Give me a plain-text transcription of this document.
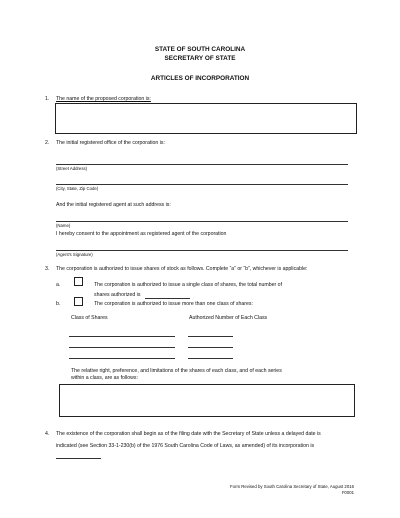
STATE OF SOUTH CAROLINA
SECRETARY OF STATE
ARTICLES OF INCORPORATION
1. The name of the proposed corporation is:
2. The initial registered office of the corporation is:
(Street Address)
(City, State, Zip Code)
And the initial registered agent at such address is:
(Name)
I hereby consent to the appointment as registered agent of the corporation
(Agent’s Signature)
3. The corporation is authorized to issue shares of stock as follows. Complete “a” or “b”, whichever is applicable:
a.	The corporation is authorized to issue a single class of shares, the total number of
shares authorized is
b.	The corporation is authorized to issue more than one class of shares:
Class of Shares	Authorized Number of Each Class
The relative right, preference, and limitations of the shares of each class, and of each series
within a class, are as follows:
4. The existence of the corporation shall begin as of the filing date with the Secretary of State unless a delayed date is
indicated (see Section 33-1-230(b) of the 1976 South Carolina Code of Laws, as amended) of its incorporation is
Form Revised by South Carolina Secretary of State, August 2016
F0001
